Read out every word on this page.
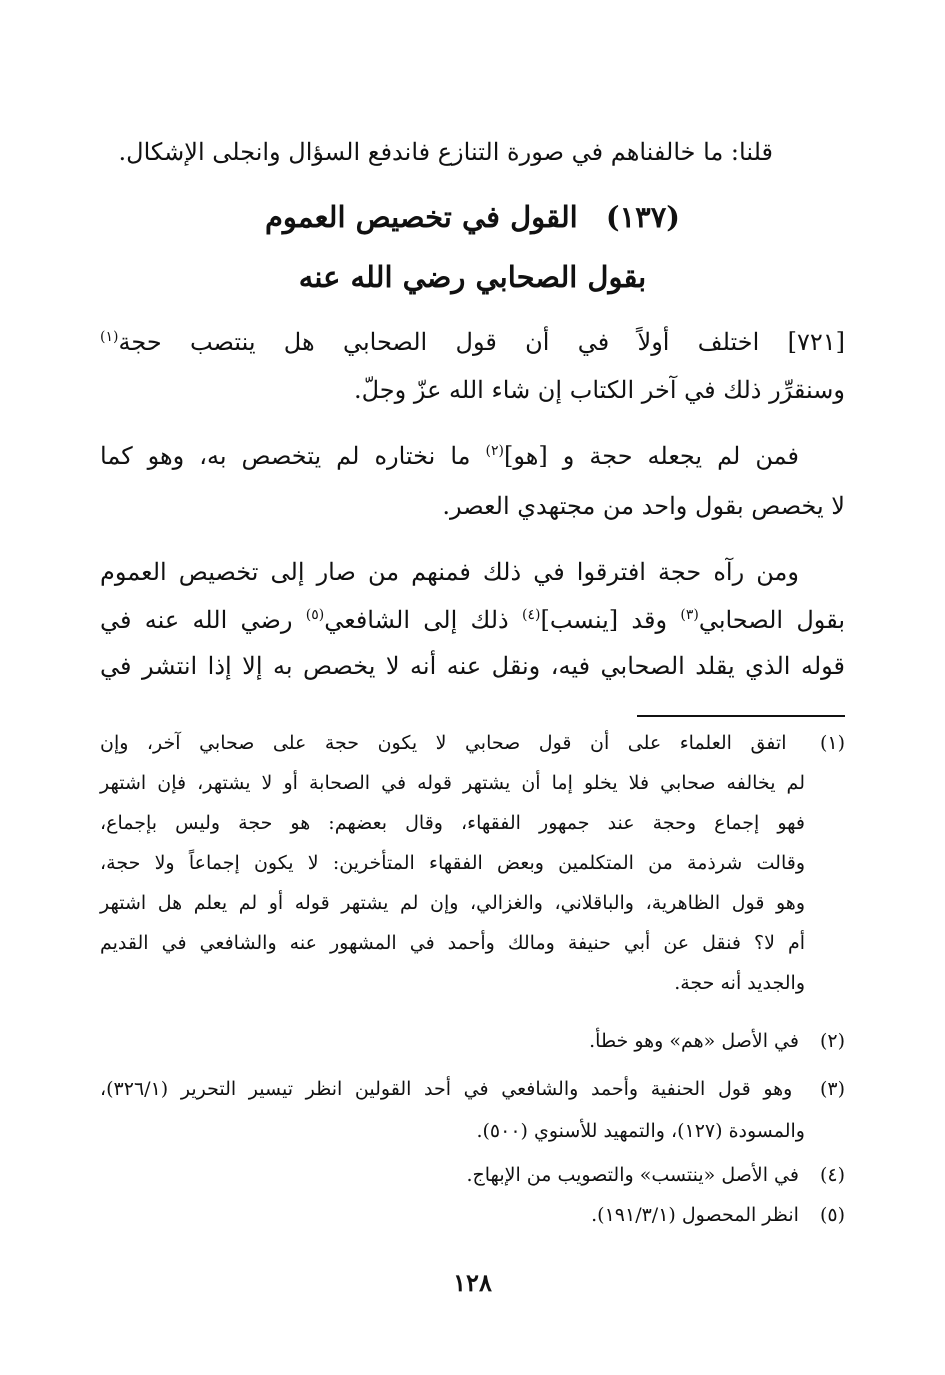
قلنا: ما خالفناهم في صورة التنازع فاندفع السؤال وانجلى الإشكال.
(١٣٧) القول في تخصيص العموم
بقول الصحابي رضي الله عنه
[٧٢١] اختلف أولاً في أن قول الصحابي هل ينتصب حجة$^{(١)}$
وسنقرِّر ذلك في آخر الكتاب إن شاء الله عزّ وجلّ.
فمن لم يجعله حجة و [هو]$^{(٢)}$ ما نختاره لم يتخصص به، وهو كما
لا يخصص بقول واحد من مجتهدي العصر.
ومن رآه حجة افترقوا في ذلك فمنهم من صار إلى تخصيص العموم
بقول الصحابي$^{(٣)}$ وقد [ينسب]$^{(٤)}$ ذلك إلى الشافعي$^{(٥)}$ رضي الله عنه في
قوله الذي يقلد الصحابي فيه، ونقل عنه أنه لا يخصص به إلا إذا انتشر في
(١) اتفق العلماء على أن قول صحابي لا يكون حجة على صحابي آخر، وإن
لم يخالفه صحابي فلا يخلو إما أن يشتهر قوله في الصحابة أو لا يشتهر، فإن اشتهر
فهو إجماع وحجة عند جمهور الفقهاء، وقال بعضهم: هو حجة وليس بإجماع،
وقالت شرذمة من المتكلمين وبعض الفقهاء المتأخرين: لا يكون إجماعاً ولا حجة،
وهو قول الظاهرية، والباقلاني، والغزالي، وإن لم يشتهر قوله أو لم يعلم هل اشتهر
أم لا؟ فنقل عن أبي حنيفة ومالك وأحمد في المشهور عنه والشافعي في القديم
والجديد أنه حجة.
(٢) في الأصل «هم» وهو خطأ.
(٣) وهو قول الحنفية وأحمد والشافعي في أحد القولين انظر تيسير التحرير (٣٢٦/١)،
والمسودة (١٢٧)، والتمهيد للأسنوي (٥٠٠).
(٤) في الأصل «ينتسب» والتصويب من الإبهاج.
(٥) انظر المحصول (١٩١/٣/١).
١٢٨
